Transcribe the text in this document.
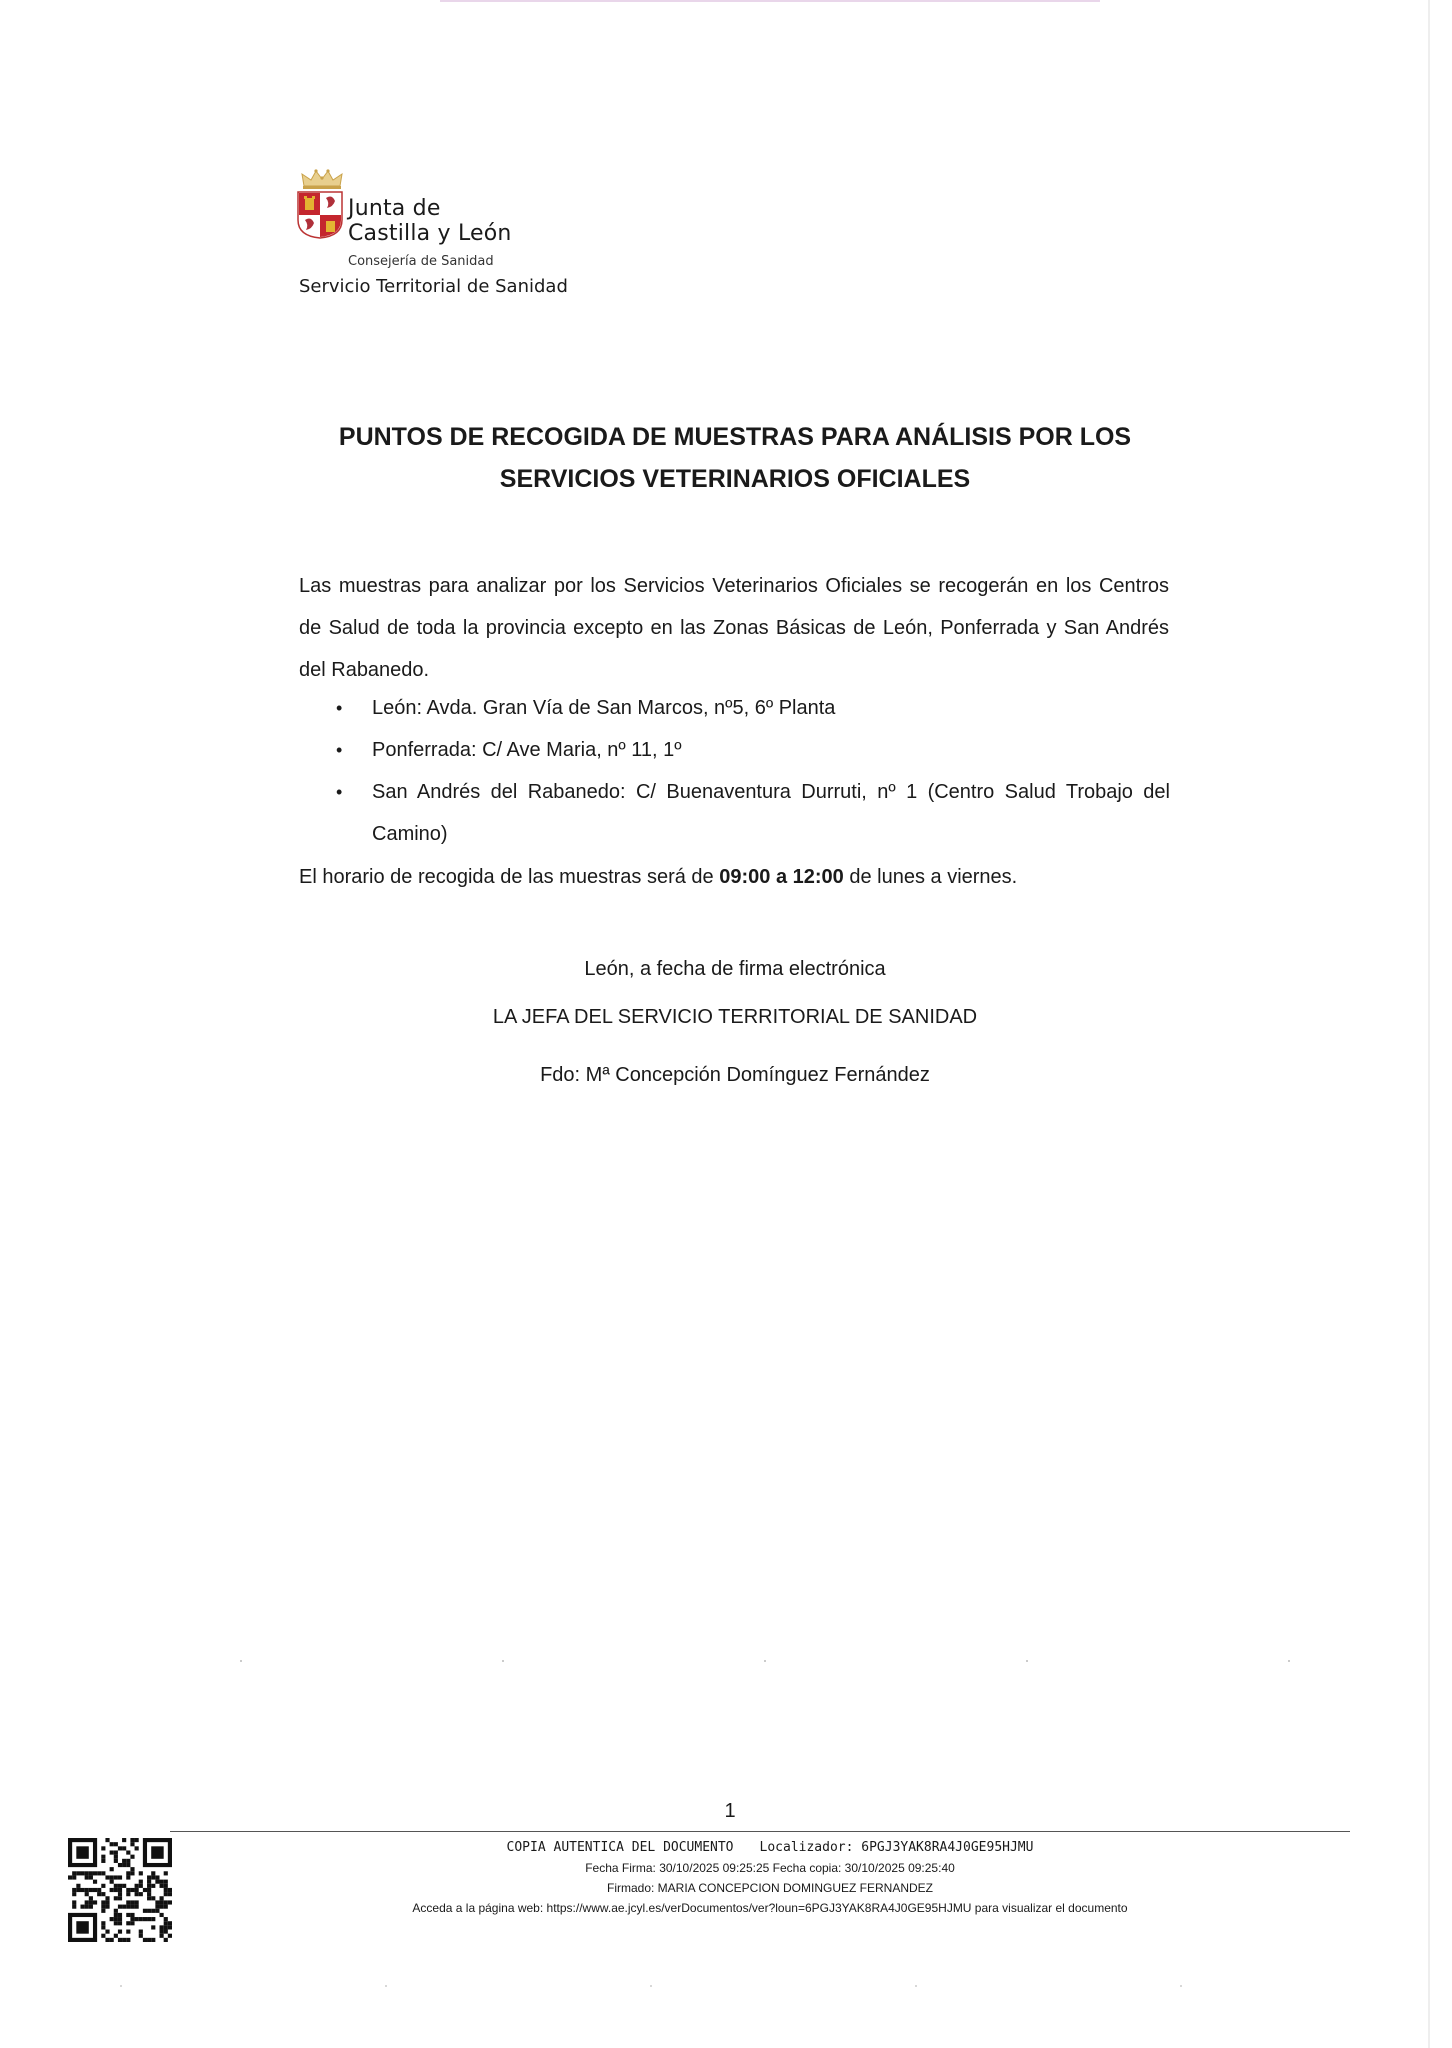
Junta de
Castilla y León
Consejería de Sanidad
Servicio Territorial de Sanidad
PUNTOS DE RECOGIDA DE MUESTRAS PARA ANÁLISIS POR LOS
SERVICIOS VETERINARIOS OFICIALES
Las muestras para analizar por los Servicios Veterinarios Oficiales se recogerán en los Centros de Salud de toda la provincia excepto en las Zonas Básicas de León, Ponferrada y San Andrés del Rabanedo.
• León: Avda. Gran Vía de San Marcos, nº5, 6º Planta
• Ponferrada: C/ Ave Maria, nº 11, 1º
• San Andrés del Rabanedo: C/ Buenaventura Durruti, nº 1 (Centro Salud Trobajo del Camino)
El horario de recogida de las muestras será de 09:00 a 12:00 de lunes a viernes.
León, a fecha de firma electrónica
LA JEFA DEL SERVICIO TERRITORIAL DE SANIDAD
Fdo: Mª Concepción Domínguez Fernández
1
COPIA AUTENTICA DEL DOCUMENTO Localizador: 6PGJ3YAK8RA4J0GE95HJMU
Fecha Firma: 30/10/2025 09:25:25 Fecha copia: 30/10/2025 09:25:40
Firmado: MARIA CONCEPCION DOMINGUEZ FERNANDEZ
Acceda a la página web: https://www.ae.jcyl.es/verDocumentos/ver?loun=6PGJ3YAK8RA4J0GE95HJMU para visualizar el documento
